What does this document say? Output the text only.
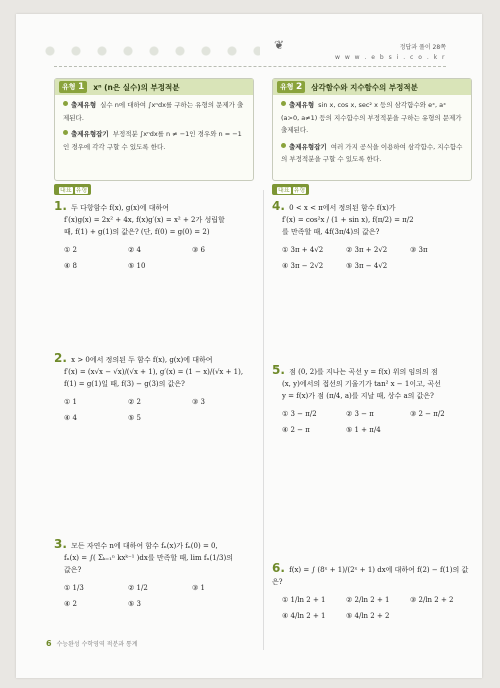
❦	정답과 풀이 28쪽
w w w . e b s i . c o . k r
유형 1	xⁿ (n은 실수)의 부정적분
출제유형 실수 n에 대하여 ∫xⁿdx를 구하는 유형의 문제가 출제된다.
출제유형잡기 부정적분 ∫xⁿdx를 n ≠ −1인 경우와 n = −1인 경우에 각각 구할 수 있도록 한다.
유형 2	삼각함수와 지수함수의 부정적분
출제유형 sin x, cos x, sec² x 등의 삼각함수와 eˣ, aˣ (a>0, a≠1) 등의 지수함수의 부정적분을 구하는 유형의 문제가 출제된다.
출제유형잡기 여러 가지 공식을 이용하여 삼각함수, 지수함수의 부정적분을 구할 수 있도록 한다.
대표 유형	대표 유형
1. 두 다항함수 f(x), g(x)에 대하여
f′(x)g(x) = 2x² + 4x, f(x)g′(x) = x² + 2가 성립할
때, f(1) + g(1)의 값은? (단, f(0) = g(0) = 2)
① 2	② 4	③ 6
④ 8	⑤ 10
2. x > 0에서 정의된 두 함수 f(x), g(x)에 대하여
f′(x) = (x√x − √x)/(√x + 1), g′(x) = (1 − x)/(√x + 1),
f(1) = g(1)일 때, f(3) − g(3)의 값은?
① 1	② 2	③ 3
④ 4	⑤ 5
3. 모든 자연수 n에 대하여 함수 fₙ(x)가 fₙ(0) = 0,
fₙ(x) = ∫( Σₖ₌₁ⁿ kxᵏ⁻¹ )dx를 만족할 때, lim fₙ(1/3)의
값은?
① 1/3	② 1/2	③ 1
④ 2	⑤ 3
4. 0 < x < π에서 정의된 함수 f(x)가
f′(x) = cos²x / (1 + sin x), f(π/2) = π/2
를 만족할 때, 4f(3π/4)의 값은?
① 3π + 4√2	② 3π + 2√2	③ 3π
④ 3π − 2√2	⑤ 3π − 4√2
5. 점 (0, 2)를 지나는 곡선 y = f(x) 위의 임의의 점
(x, y)에서의 접선의 기울기가 tan² x − 1이고, 곡선
y = f(x)가 점 (π/4, a)를 지날 때, 상수 a의 값은?
① 3 − π/2	② 3 − π	③ 2 − π/2
④ 2 − π	⑤ 1 + π/4
6. f(x) = ∫ (8ˣ + 1)/(2ˣ + 1) dx에 대하여 f(2) − f(1)의 값은?
① 1/ln 2 + 1	② 2/ln 2 + 1	③ 2/ln 2 + 2
④ 4/ln 2 + 1	⑤ 4/ln 2 + 2
6 수능완성 수학영역 적분과 통계
